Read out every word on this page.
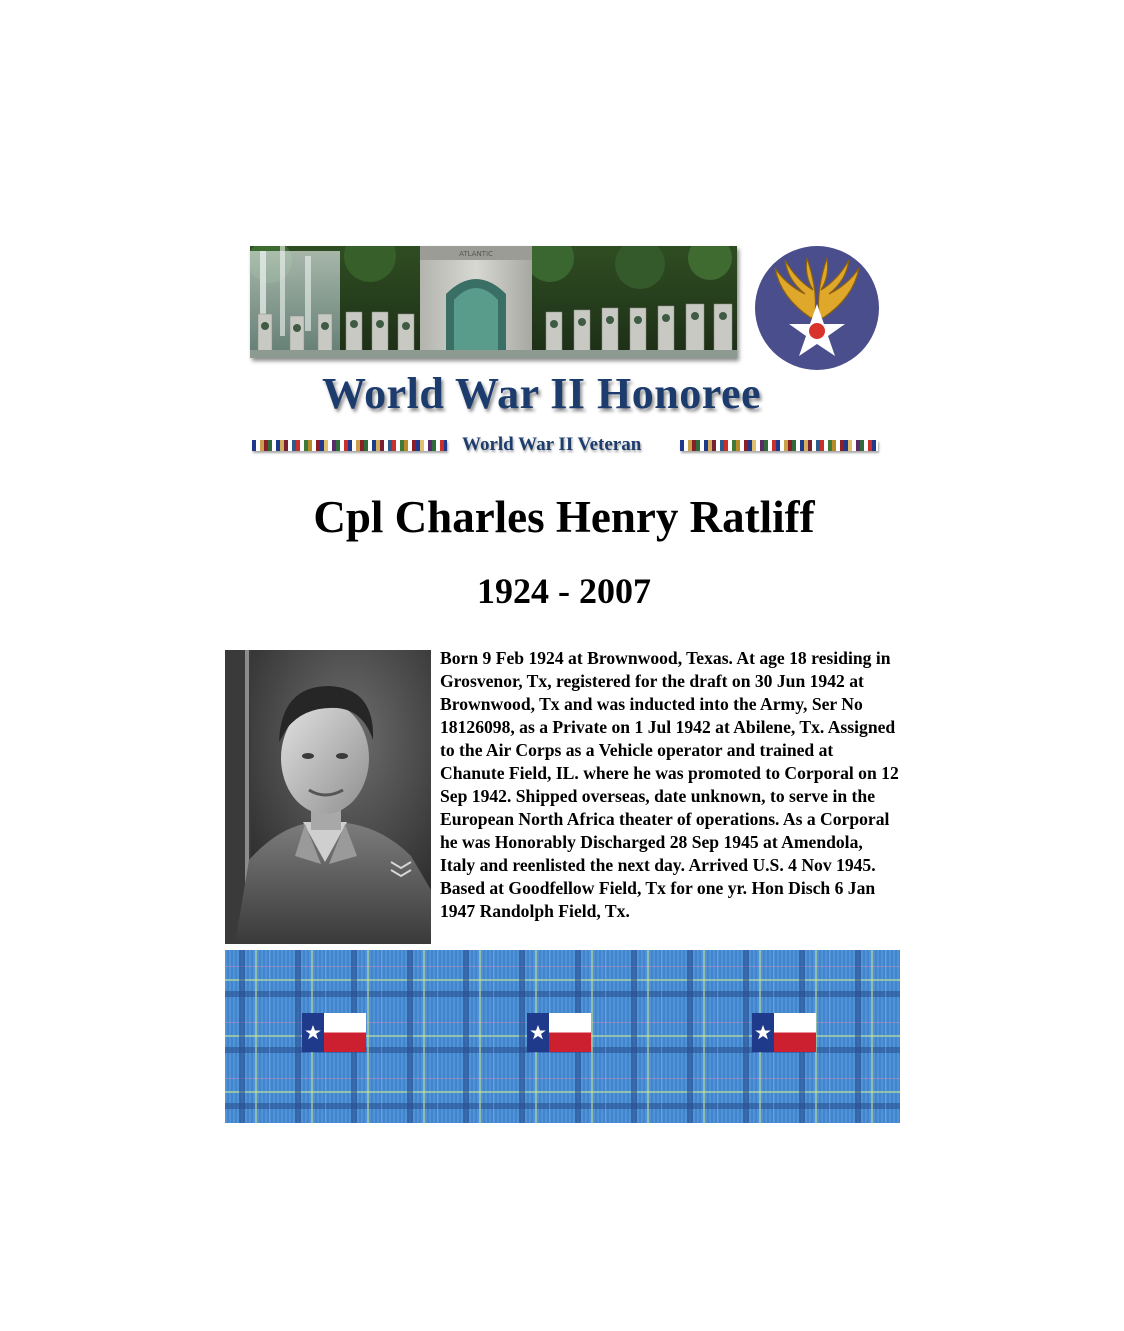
ATLANTIC
World War II Honoree
World War II Veteran
Cpl Charles Henry Ratliff
1924 - 2007

Born 9 Feb 1924 at Brownwood, Texas. At age 18 residing in Grosvenor, Tx, registered for the draft on 30 Jun 1942 at Brownwood, Tx and was inducted into the Army, Ser No 18126098, as a Private on 1 Jul 1942 at Abilene, Tx. Assigned to the Air Corps as a Vehicle operator and trained at Chanute Field, IL. where he was promoted to Corporal on 12 Sep 1942. Shipped overseas, date unknown, to serve in the European North Africa theater of operations. As a Corporal he was Honorably Discharged 28 Sep 1945 at Amendola, Italy and reenlisted the next day. Arrived U.S. 4 Nov 1945. Based at Goodfellow Field, Tx for one yr. Hon Disch 6 Jan 1947 Randolph Field, Tx.
